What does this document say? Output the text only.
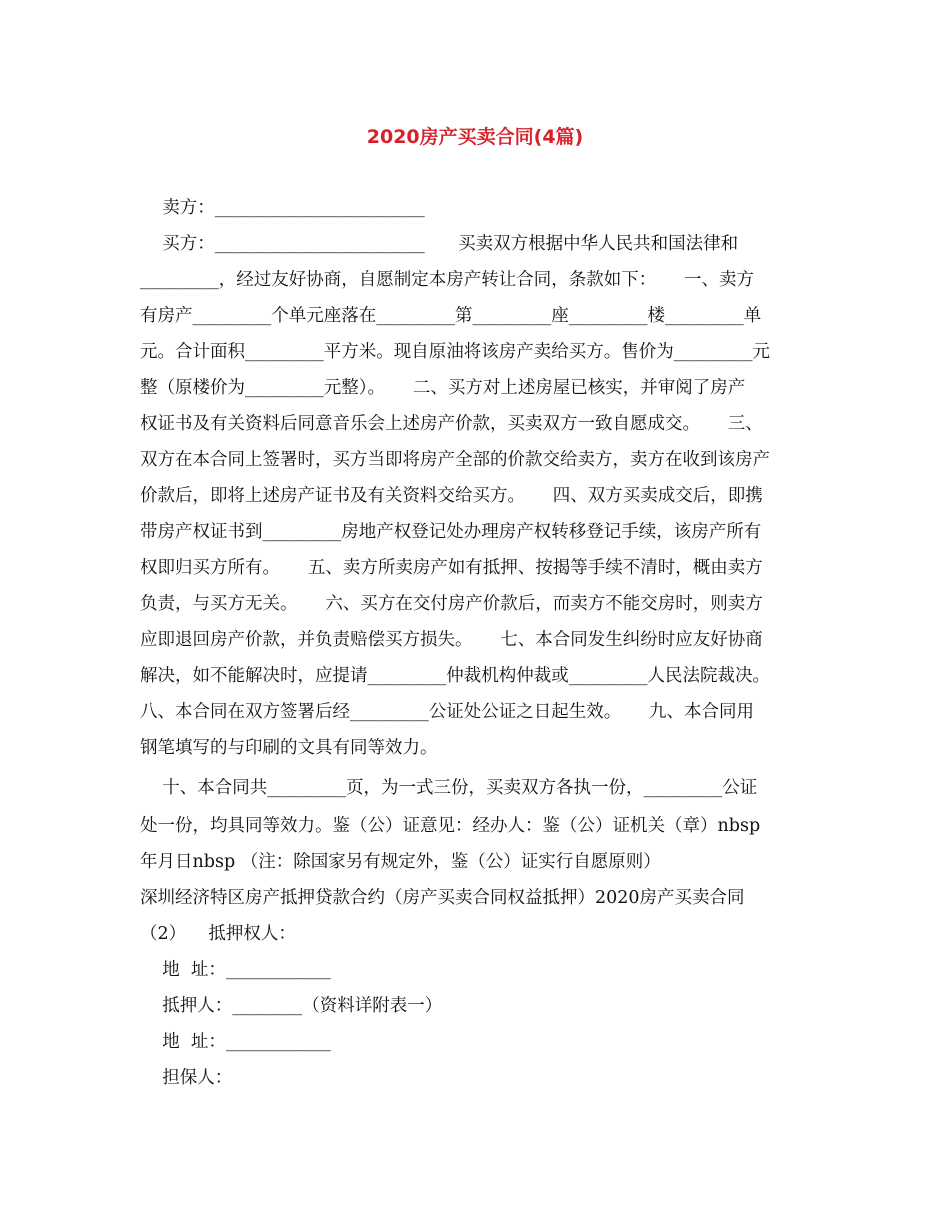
2020房产买卖合同(4篇)
卖方：________________________
买方：________________________      买卖双方根据中华人民共和国法律和
_________，经过友好协商，自愿制定本房产转让合同，条款如下：     一、卖方
有房产_________个单元座落在_________第_________座_________楼_________单
元。合计面积_________平方米。现自原油将该房产卖给买方。售价为_________元
整（原楼价为_________元整）。     二、买方对上述房屋已核实，并审阅了房产
权证书及有关资料后同意音乐会上述房产价款，买卖双方一致自愿成交。     三、
双方在本合同上签署时，买方当即将房产全部的价款交给卖方，卖方在收到该房产
价款后，即将上述房产证书及有关资料交给买方。     四、双方买卖成交后，即携
带房产权证书到_________房地产权登记处办理房产权转移登记手续，该房产所有
权即归买方所有。     五、卖方所卖房产如有抵押、按揭等手续不清时，概由卖方
负责，与买方无关。     六、买方在交付房产价款后，而卖方不能交房时，则卖方
应即退回房产价款，并负责赔偿买方损失。     七、本合同发生纠纷时应友好协商
解决，如不能解决时，应提请_________仲裁机构仲裁或_________人民法院裁决。
八、本合同在双方签署后经_________公证处公证之日起生效。     九、本合同用
钢笔填写的与印刷的文具有同等效力。
十、本合同共_________页，为一式三份，买卖双方各执一份，_________公证
处一份，均具同等效力。鉴（公）证意见：经办人：鉴（公）证机关（章）nbsp
年月日nbsp （注：除国家另有规定外，鉴（公）证实行自愿原则）
深圳经济特区房产抵押贷款合约（房产买卖合同权益抵押）2020房产买卖合同
（2）    抵押权人：
地  址：____________
抵押人：________（资料详附表一）
地  址：____________
担保人：
